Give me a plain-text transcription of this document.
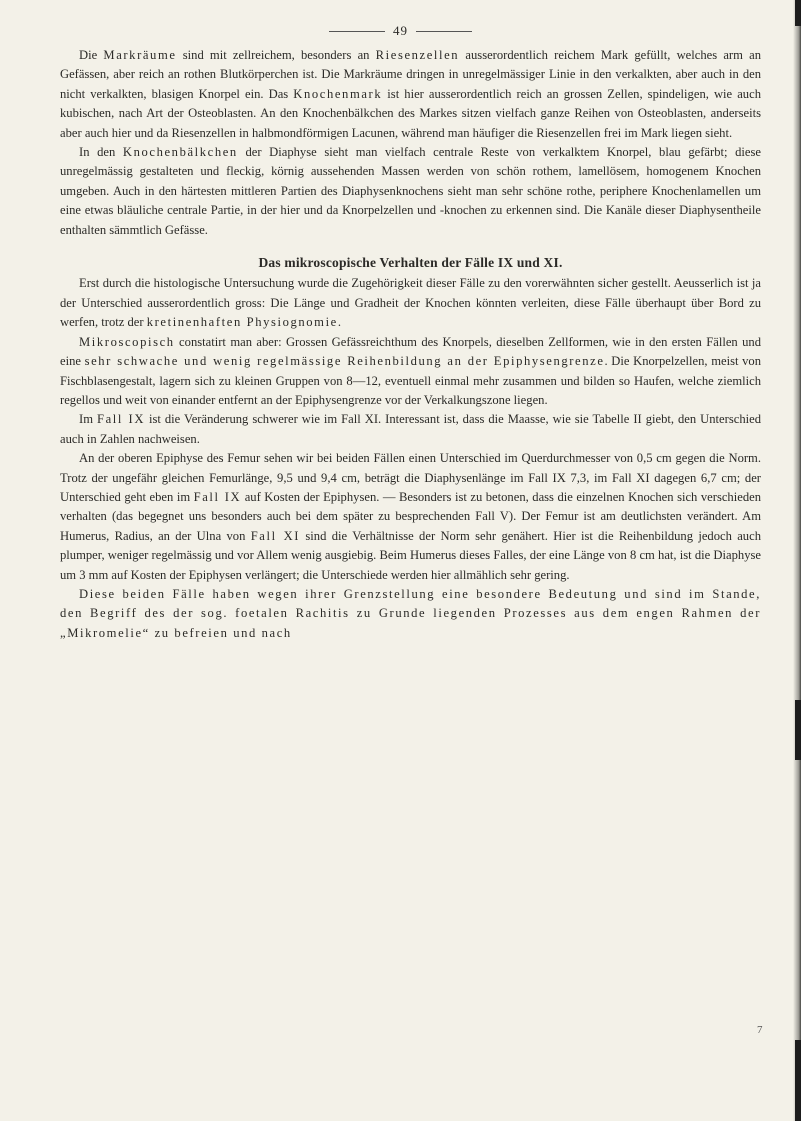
49

Die Markräume sind mit zellreichem, besonders an Riesenzellen ausserordentlich reichem Mark gefüllt, welches arm an Gefässen, aber reich an rothen Blutkörperchen ist. Die Markräume dringen in unregelmässiger Linie in den verkalkten, aber auch in den nicht verkalkten, blasigen Knorpel ein. Das Knochenmark ist hier ausserordentlich reich an grossen Zellen, spindeligen, wie auch kubischen, nach Art der Osteoblasten. An den Knochenbälkchen des Markes sitzen vielfach ganze Reihen von Osteoblasten, anderseits aber auch hier und da Riesenzellen in halbmondförmigen Lacunen, während man häufiger die Riesenzellen frei im Mark liegen sieht.

In den Knochenbälkchen der Diaphyse sieht man vielfach centrale Reste von verkalktem Knorpel, blau gefärbt; diese unregelmässig gestalteten und fleckig, körnig aussehenden Massen werden von schön rothem, lamellösem, homogenem Knochen umgeben. Auch in den härtesten mittleren Partien des Diaphysenknochens sieht man sehr schöne rothe, periphere Knochenlamellen um eine etwas bläuliche centrale Partie, in der hier und da Knorpelzellen und -knochen zu erkennen sind. Die Kanäle dieser Diaphysentheile enthalten sämmtlich Gefässe.

Das mikroscopische Verhalten der Fälle IX und XI.

Erst durch die histologische Untersuchung wurde die Zugehörigkeit dieser Fälle zu den vorerwähnten sicher gestellt. Aeusserlich ist ja der Unterschied ausserordentlich gross: Die Länge und Gradheit der Knochen könnten verleiten, diese Fälle überhaupt über Bord zu werfen, trotz der kretinenhaften Physiognomie.

Mikroscopisch constatirt man aber: Grossen Gefässreichthum des Knorpels, dieselben Zellformen, wie in den ersten Fällen und eine sehr schwache und wenig regelmässige Reihenbildung an der Epiphysengrenze. Die Knorpelzellen, meist von Fischblasengestalt, lagern sich zu kleinen Gruppen von 8—12, eventuell einmal mehr zusammen und bilden so Haufen, welche ziemlich regellos und weit von einander entfernt an der Epiphysengrenze vor der Verkalkungszone liegen.

Im Fall IX ist die Veränderung schwerer wie im Fall XI. Interessant ist, dass die Maasse, wie sie Tabelle II giebt, den Unterschied auch in Zahlen nachweisen.

An der oberen Epiphyse des Femur sehen wir bei beiden Fällen einen Unterschied im Querdurchmesser von 0,5 cm gegen die Norm. Trotz der ungefähr gleichen Femurlänge, 9,5 und 9,4 cm, beträgt die Diaphysenlänge im Fall IX 7,3, im Fall XI dagegen 6,7 cm; der Unterschied geht eben im Fall IX auf Kosten der Epiphysen. — Besonders ist zu betonen, dass die einzelnen Knochen sich verschieden verhalten (das begegnet uns besonders auch bei dem später zu besprechenden Fall V). Der Femur ist am deutlichsten verändert. Am Humerus, Radius, an der Ulna von Fall XI sind die Verhältnisse der Norm sehr genähert. Hier ist die Reihenbildung jedoch auch plumper, weniger regelmässig und vor Allem wenig ausgiebig. Beim Humerus dieses Falles, der eine Länge von 8 cm hat, ist die Diaphyse um 3 mm auf Kosten der Epiphysen verlängert; die Unterschiede werden hier allmählich sehr gering.

Diese beiden Fälle haben wegen ihrer Grenzstellung eine besondere Bedeutung und sind im Stande, den Begriff des der sog. foetalen Rachitis zu Grunde liegenden Prozesses aus dem engen Rahmen der „Mikromelie“ zu befreien und nach

7
